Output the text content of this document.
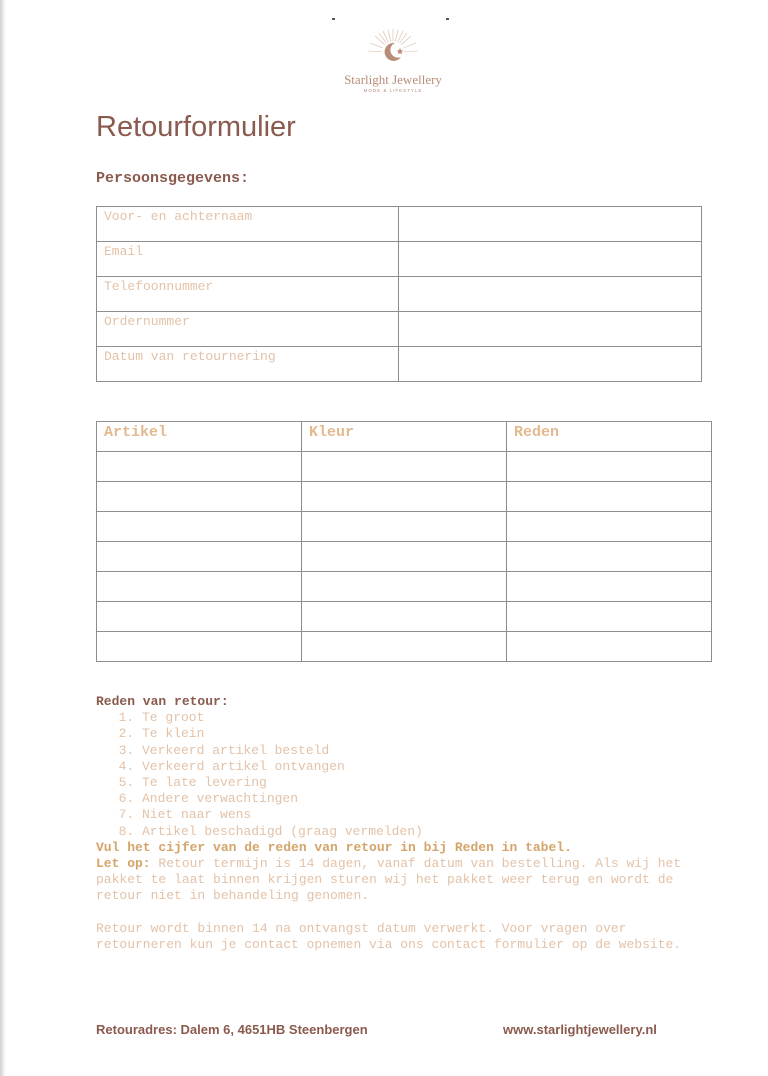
Starlight Jewellery
MODE & LIFESTYLE
Retourformulier
Persoonsgegevens:
Voor- en achternaam	
Email	
Telefoonnummer	
Ordernummer	
Datum van retournering	
Artikel	Kleur	Reden

Reden van retour:
1. Te groot
2. Te klein
3. Verkeerd artikel besteld
4. Verkeerd artikel ontvangen
5. Te late levering
6. Andere verwachtingen
7. Niet naar wens
8. Artikel beschadigd (graag vermelden)

Vul het cijfer van de reden van retour in bij Reden in tabel.

Let op: Retour termijn is 14 dagen, vanaf datum van bestelling. Als wij het pakket te laat binnen krijgen sturen wij het pakket weer terug en wordt de retour niet in behandeling genomen.

Retour wordt binnen 14 na ontvangst datum verwerkt. Voor vragen over retourneren kun je contact opnemen via ons contact formulier op de website.

Retouradres: Dalem 6, 4651HB Steenbergen	www.starlightjewellery.nl
